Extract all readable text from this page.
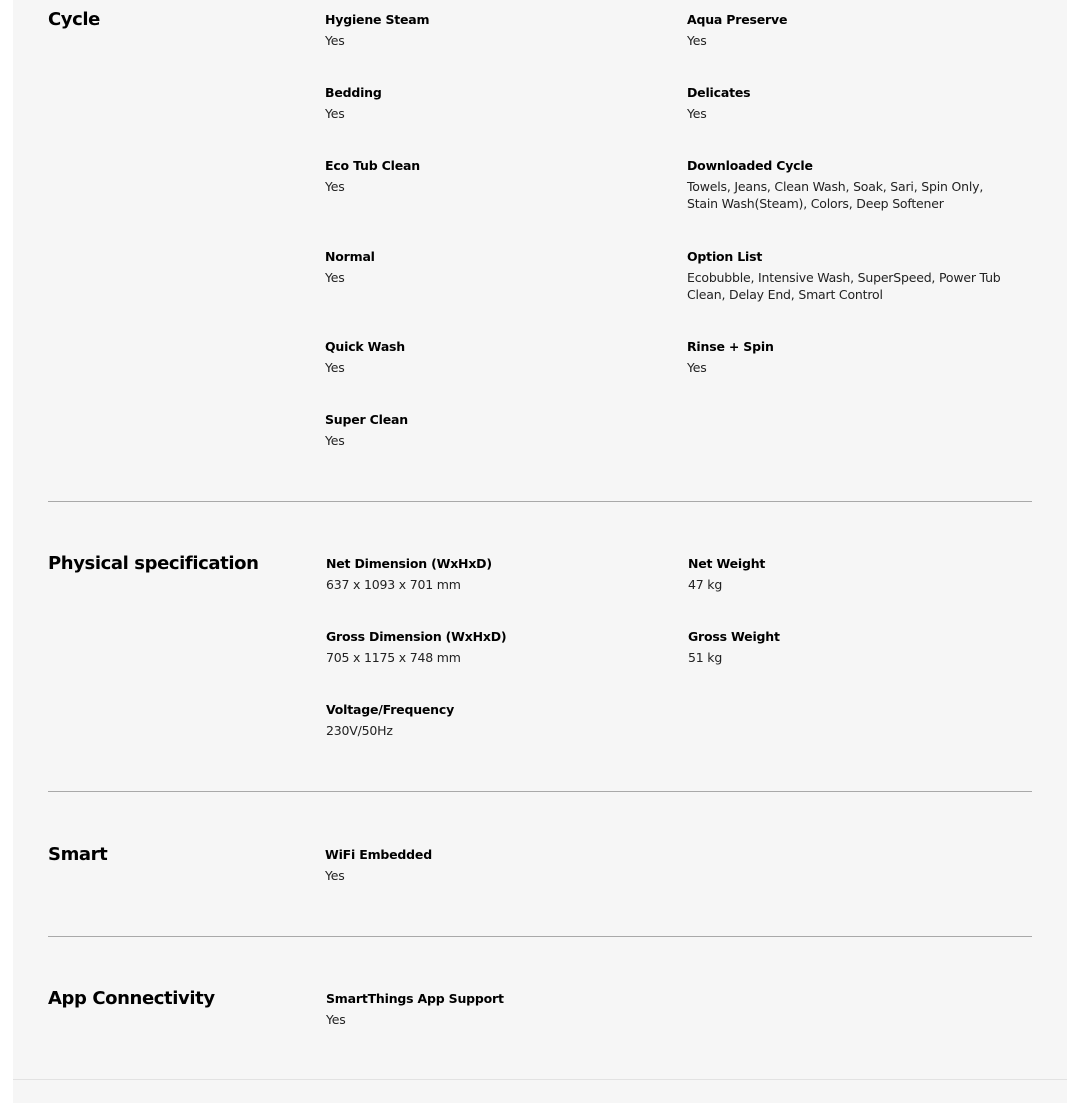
Cycle	Hygiene Steam
Yes
Aqua Preserve
Yes
Bedding
Yes
Delicates
Yes
Eco Tub Clean
Yes
Downloaded Cycle
Towels, Jeans, Clean Wash, Soak, Sari, Spin Only, Stain Wash(Steam), Colors, Deep Softener
Normal
Yes
Option List
Ecobubble, Intensive Wash, SuperSpeed, Power Tub Clean, Delay End, Smart Control
Quick Wash
Yes
Rinse + Spin
Yes
Super Clean
Yes
Physical specification	Net Dimension (WxHxD)
637 x 1093 x 701 mm
Net Weight
47 kg
Gross Dimension (WxHxD)
705 x 1175 x 748 mm
Gross Weight
51 kg
Voltage/Frequency
230V/50Hz
Smart	WiFi Embedded
Yes
App Connectivity	SmartThings App Support
Yes
